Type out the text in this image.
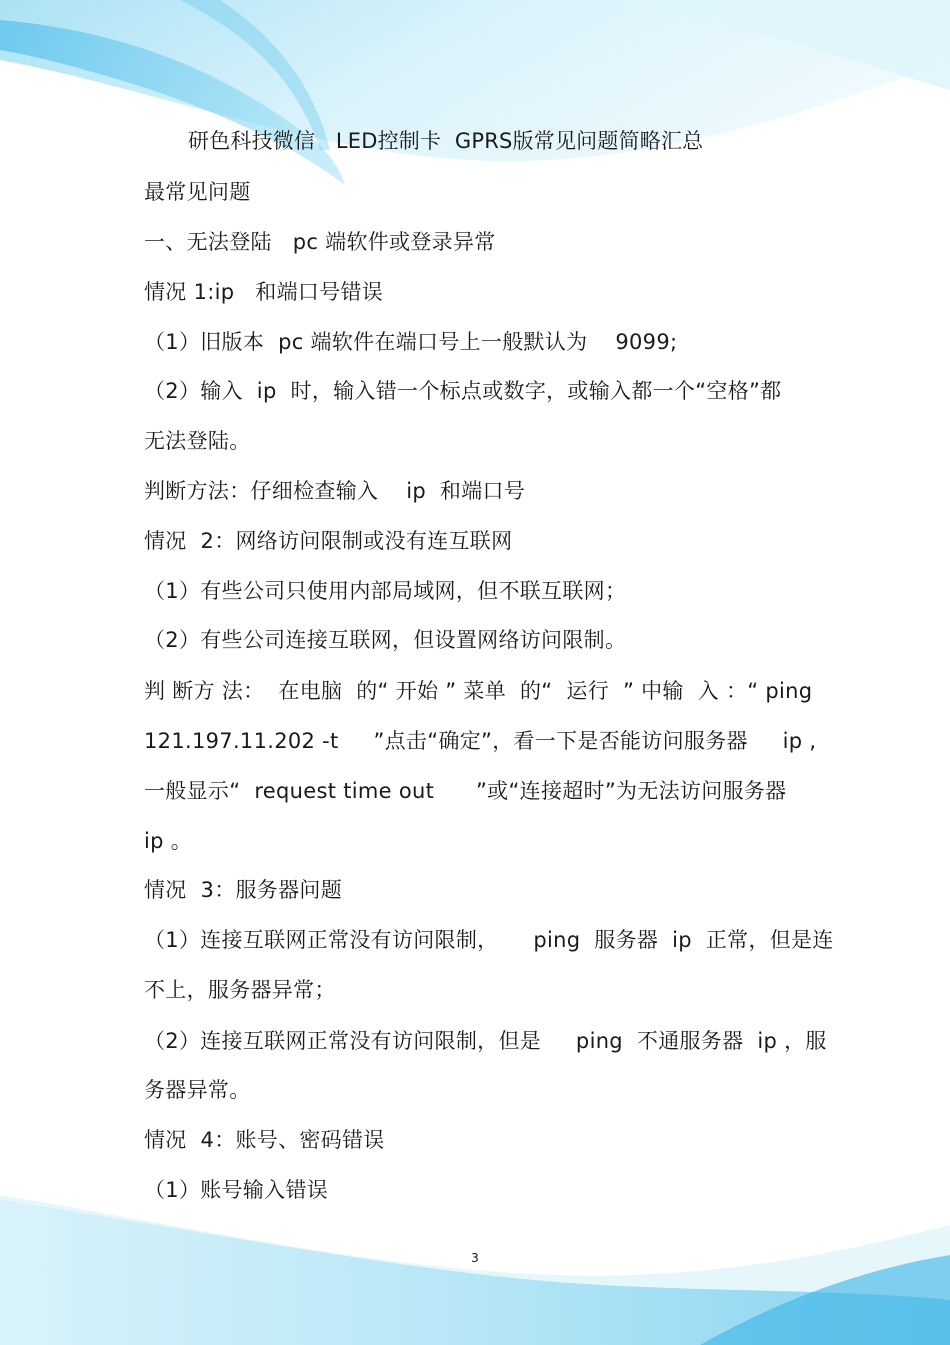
研色科技微信   LED控制卡  GPRS版常见问题简略汇总
最常见问题
一、无法登陆   pc 端软件或登录异常
情况 1:ip   和端口号错误
（1）旧版本  pc 端软件在端口号上一般默认为    9099;
（2）输入  ip  时，输入错一个标点或数字，或输入都一个“空格”都
无法登陆。
判断方法：仔细检查输入    ip  和端口号
情况  2：网络访问限制或没有连互联网
（1）有些公司只使用内部局域网，但不联互联网；
（2）有些公司连接互联网，但设置网络访问限制。
判 断方 法：  在电脑  的“ 开始 ” 菜单  的“  运行  ” 中输  入 ：“ ping
121.197.11.202 -t     ”点击“确定”，看一下是否能访问服务器     ip ,
一般显示“  request time out      ”或“连接超时”为无法访问服务器
ip 。
情况  3：服务器问题
（1）连接互联网正常没有访问限制，     ping  服务器  ip  正常，但是连
不上，服务器异常；
（2）连接互联网正常没有访问限制，但是     ping  不通服务器  ip ，服
务器异常。
情况  4：账号、密码错误
（1）账号输入错误
3
